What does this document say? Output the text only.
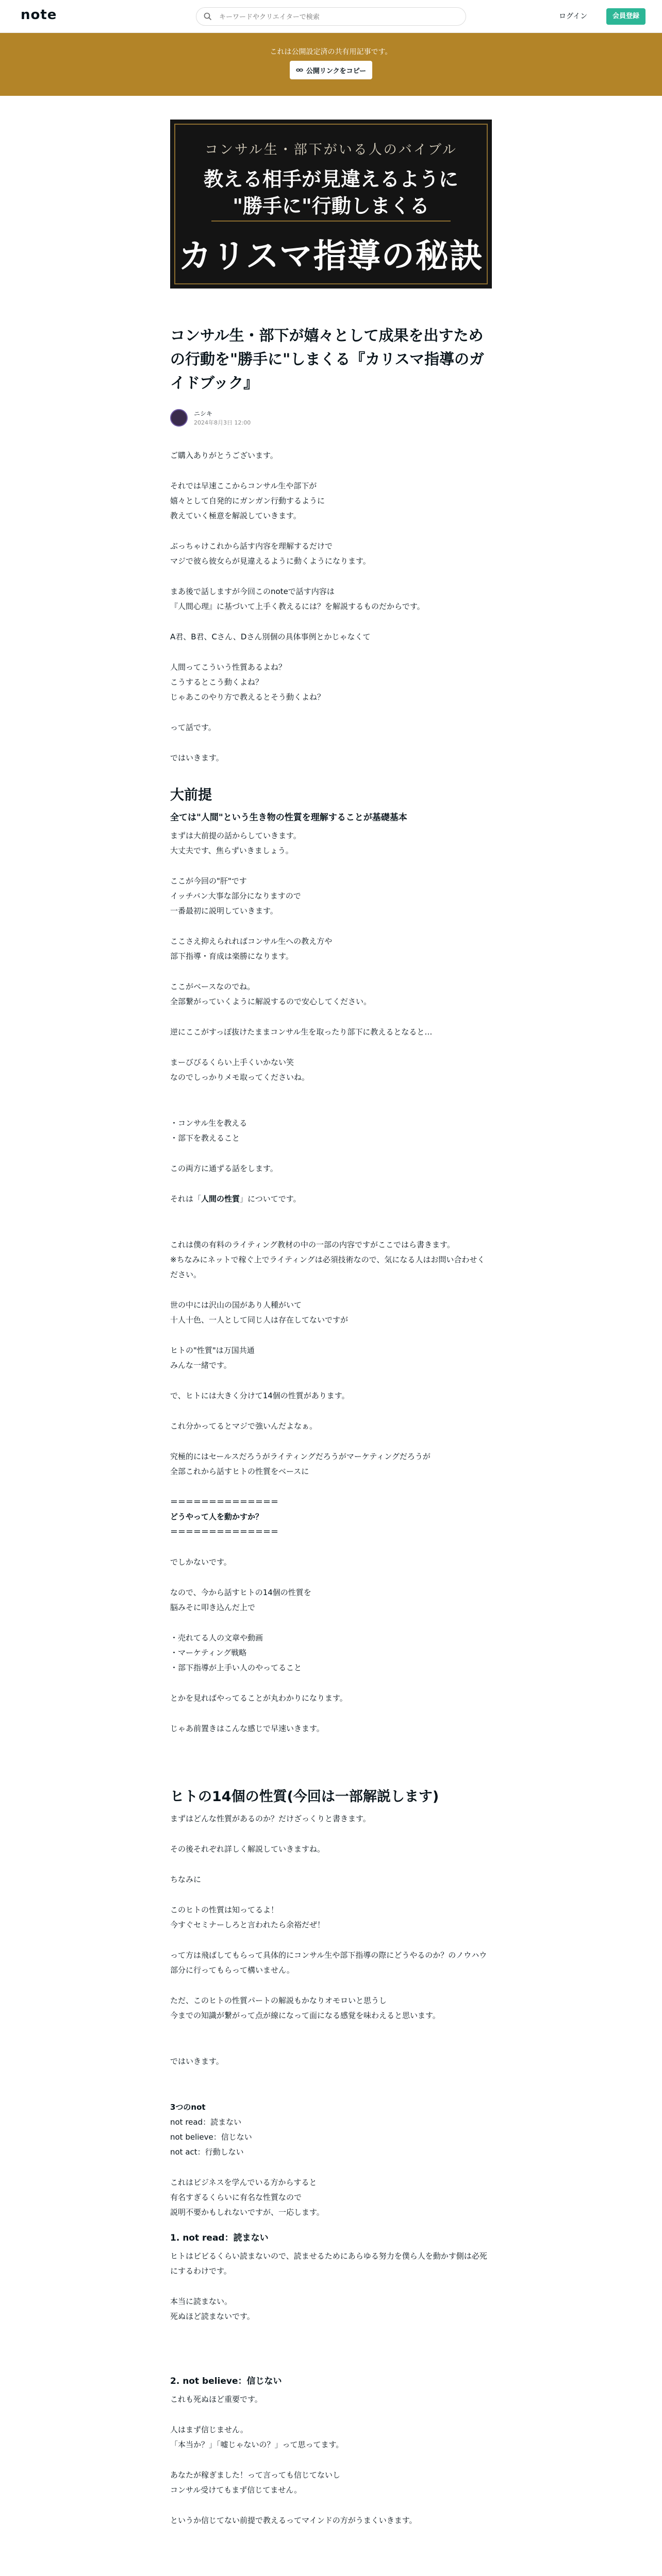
note
キーワードやクリエイターで検索	ログイン	会員登録
これは公開設定済の共有用記事です。
公開リンクをコピー
コンサル生・部下がいる人のバイブル
教える相手が見違えるように
"勝手に"行動しまくる
カリスマ指導の秘訣
コンサル生・部下が嬉々として成果を出すための行動を"勝手に"しまくる『カリスマ指導のガイドブック』
ニシキ
2024年8月3日 12:00

ご購入ありがとうございます。

それでは早速ここからコンサル生や部下が

嬉々として自発的にガンガン行動するように

教えていく極意を解説していきます。

ぶっちゃけこれから話す内容を理解するだけで

マジで彼ら彼女らが見違えるように動くようになります。

まあ後で話しますが今回このnoteで話す内容は

『人間心理』に基づいて上手く教えるには？を解説するものだからです。

A君、B君、Cさん、Dさん別個の具体事例とかじゃなくて

人間ってこういう性質あるよね？

こうするとこう動くよね？

じゃあこのやり方で教えるとそう動くよね？

って話です。

ではいきます。

大前提
全ては"人間"という生き物の性質を理解することが基礎基本

まずは大前提の話からしていきます。

大丈夫です、焦らずいきましょう。

ここが今回の"肝"です

イッチバン大事な部分になりますので

一番最初に説明していきます。

ここさえ抑えられればコンサル生への教え方や

部下指導・育成は楽勝になります。

ここがベースなのでね。

全部繋がっていくように解説するので安心してください。

逆にここがすっぽ抜けたままコンサル生を取ったり部下に教えるとなると…

まーびびるくらい上手くいかない笑

なのでしっかりメモ取ってくださいね。

・コンサル生を教える

・部下を教えること

この両方に通ずる話をします。

それは「人間の性質」についてです。

これは僕の有料のライティング教材の中の一部の内容ですがここではら書きます。

※ちなみにネットで稼ぐ上でライティングは必須技術なので、気になる人はお問い合わせください。

世の中には沢山の国があり人種がいて

十人十色、一人として同じ人は存在してないですが

ヒトの"性質"は万国共通

みんな一緒です。

で、ヒトには大きく分けて14個の性質があります。

これ分かってるとマジで強いんだよなぁ。

究極的にはセールスだろうがライティングだろうがマーケティングだろうが

全部これから話すヒトの性質をベースに

＝＝＝＝＝＝＝＝＝＝＝＝＝＝

どうやって人を動かすか？

＝＝＝＝＝＝＝＝＝＝＝＝＝＝

でしかないです。

なので、今から話すヒトの14個の性質を

脳みそに叩き込んだ上で

・売れてる人の文章や動画

・マーケティング戦略

・部下指導が上手い人のやってること

とかを見ればやってることが丸わかりになります。

じゃあ前置きはこんな感じで早速いきます。

ヒトの14個の性質(今回は一部解説します)

まずはどんな性質があるのか？だけざっくりと書きます。

その後それぞれ詳しく解説していきますね。

ちなみに

このヒトの性質は知ってるよ！

今すぐセミナーしろと言われたら余裕だぜ！

って方は飛ばしてもらって具体的にコンサル生や部下指導の際にどうやるのか？のノウハウ部分に行ってもらって構いません。

ただ、このヒトの性質パートの解説もかなりオモロいと思うし

今までの知識が繋がって点が線になって面になる感覚を味わえると思います。

ではいきます。

3つのnot

not read：読まない

not believe：信じない

not act：行動しない

これはビジネスを学んでいる方からすると

有名すぎるくらいに有名な性質なので

説明不要かもしれないですが、一応します。

1. not read：読まない

ヒトはビビるくらい読まないので、読ませるためにあらゆる努力を僕ら人を動かす側は必死にするわけです。

本当に読まない。

死ぬほど読まないです。

2. not believe：信じない

これも死ぬほど重要です。

人はまず信じません。

「本当か？」「嘘じゃないの？」って思ってます。

あなたが稼ぎました！って言っても信じてないし

コンサル受けてもまず信じてません。

というか信じてない前提で教えるってマインドの方がうまくいきます。
